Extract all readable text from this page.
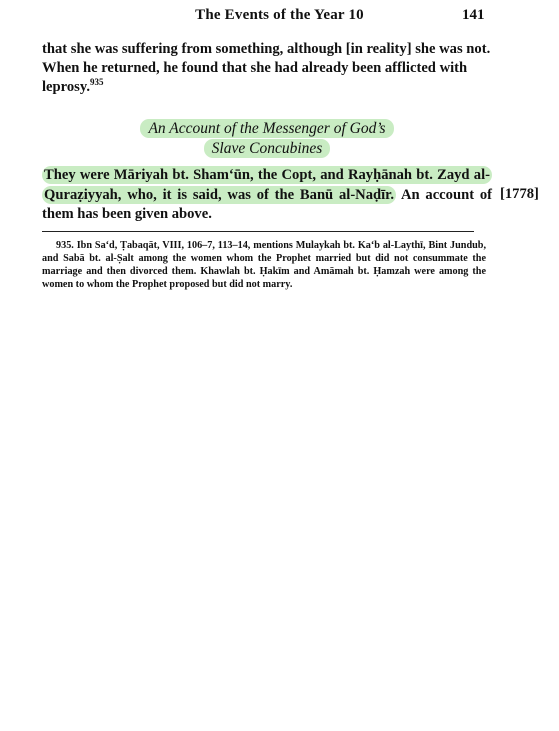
The Events of the Year 10	141
that she was suffering from something, although [in reality] she was not. When he returned, he found that she had already been afflicted with leprosy.$^{935}$
An Account of the Messenger of God’s
Slave Concubines
They were Māriyah bt. Sham‘ūn, the Copt, and Rayḥānah bt. Zayd al-Quraẓiyyah, who, it is said, was of the Banū al-Naḍīr. An account of them has been given above.
[1778]
935. Ibn Sa‘d, Ṭabaqāt, VIII, 106–7, 113–14, mentions Mulaykah bt. Ka‘b al-Laythī, Bint Jundub, and Sabā bt. al-Ṣalt among the women whom the Prophet married but did not consummate the marriage and then divorced them. Khawlah bt. Ḥakīm and Amāmah bt. Ḥamzah were among the women to whom the Prophet proposed but did not marry.
